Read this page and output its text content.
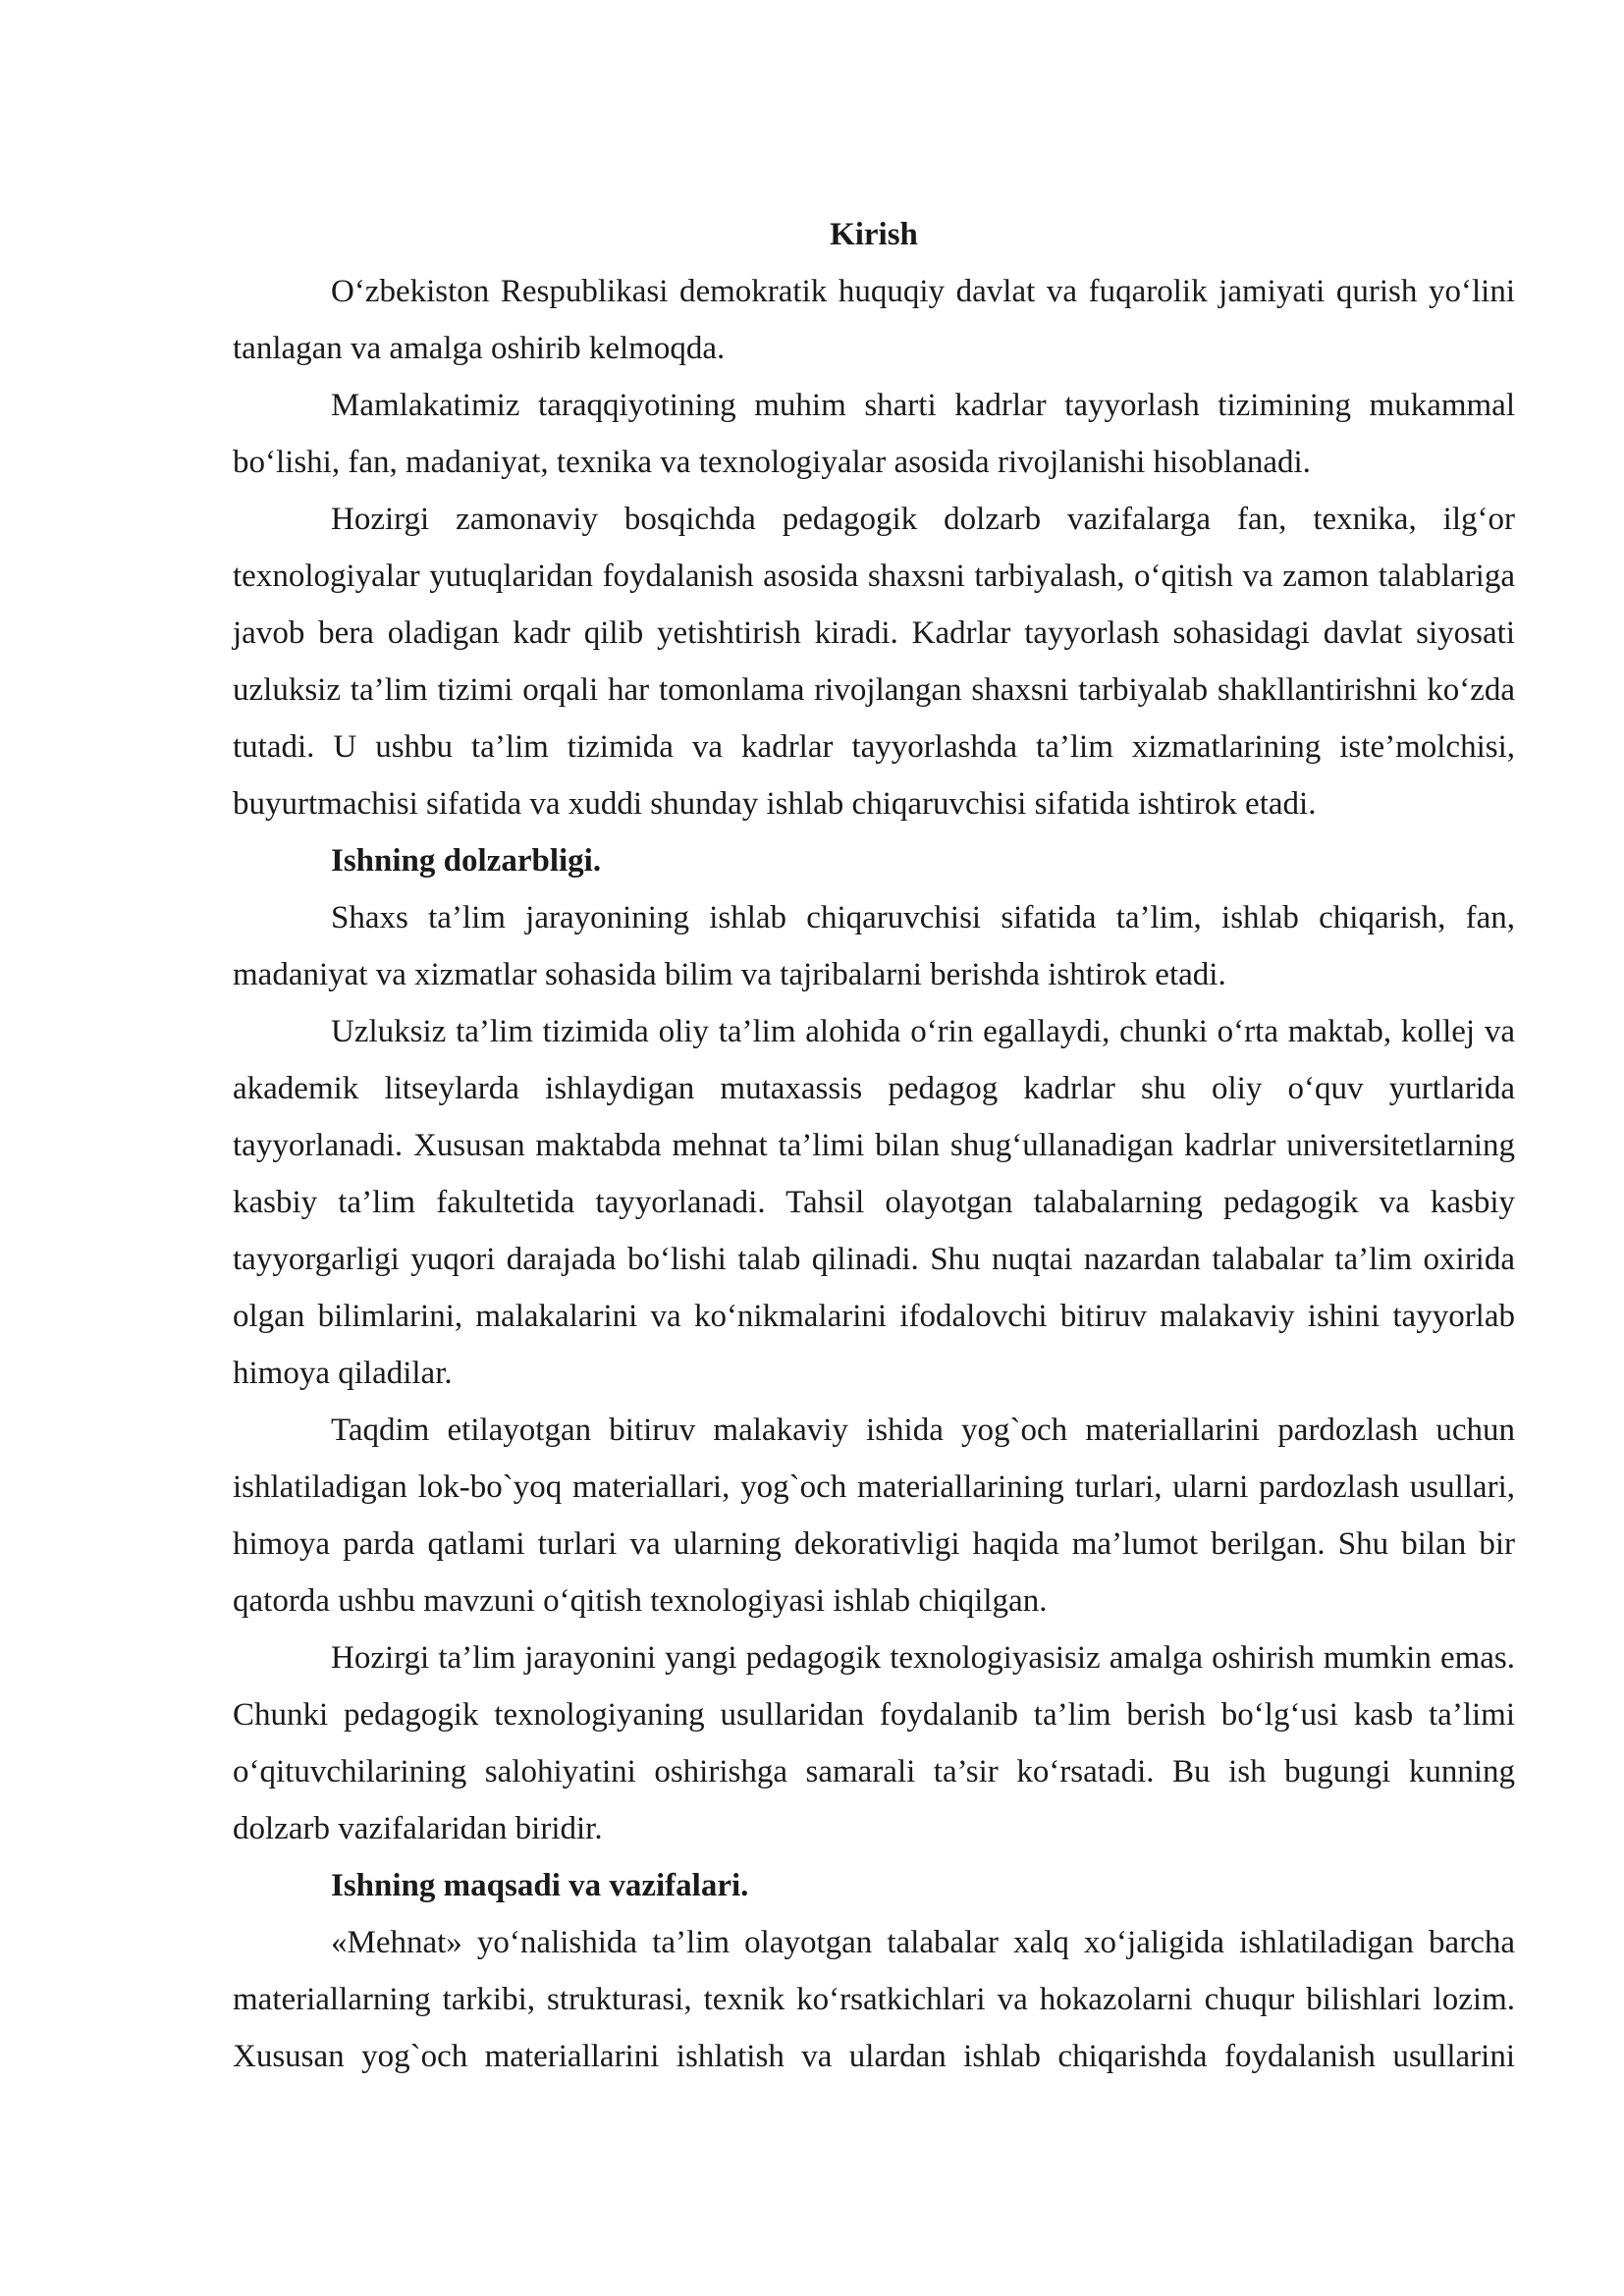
Kirish

O‘zbekiston Respublikasi demokratik huquqiy davlat va fuqarolik jamiyati qurish yo‘lini tanlagan va amalga oshirib kelmoqda.

Mamlakatimiz taraqqiyotining muhim sharti kadrlar tayyorlash tizimining mukammal bo‘lishi, fan, madaniyat, texnika va texnologiyalar asosida rivojlanishi hisoblanadi.

Hozirgi zamonaviy bosqichda pedagogik dolzarb vazifalarga fan, texnika, ilg‘or texnologiyalar yutuqlaridan foydalanish asosida shaxsni tarbiyalash, o‘qitish va zamon talablariga javob bera oladigan kadr qilib yetishtirish kiradi. Kadrlar tayyorlash sohasidagi davlat siyosati uzluksiz ta’lim tizimi orqali har tomonlama rivojlangan shaxsni tarbiyalab shakllantirishni ko‘zda tutadi. U ushbu ta’lim tizimida va kadrlar tayyorlashda ta’lim xizmatlarining iste’molchisi, buyurtmachisi sifatida va xuddi shunday ishlab chiqaruvchisi sifatida ishtirok etadi.

Ishning dolzarbligi.

Shaxs ta’lim jarayonining ishlab chiqaruvchisi sifatida ta’lim, ishlab chiqarish, fan, madaniyat va xizmatlar sohasida bilim va tajribalarni berishda ishtirok etadi.

Uzluksiz ta’lim tizimida oliy ta’lim alohida o‘rin egallaydi, chunki o‘rta maktab, kollej va akademik litseylarda ishlaydigan mutaxassis pedagog kadrlar shu oliy o‘quv yurtlarida tayyorlanadi. Xususan maktabda mehnat ta’limi bilan shug‘ullanadigan kadrlar universitetlarning kasbiy ta’lim fakultetida tayyorlanadi. Tahsil olayotgan talabalarning pedagogik va kasbiy tayyorgarligi yuqori darajada bo‘lishi talab qilinadi. Shu nuqtai nazardan talabalar ta’lim oxirida olgan bilimlarini, malakalarini va ko‘nikmalarini ifodalovchi bitiruv malakaviy ishini tayyorlab himoya qiladilar.

Taqdim etilayotgan bitiruv malakaviy ishida yog`och materiallarini pardozlash uchun ishlatiladigan lok-bo`yoq materiallari, yog`och materiallarining turlari, ularni pardozlash usullari, himoya parda qatlami turlari va ularning dekorativligi haqida ma’lumot berilgan. Shu bilan bir qatorda ushbu mavzuni o‘qitish texnologiyasi ishlab chiqilgan.

Hozirgi ta’lim jarayonini yangi pedagogik texnologiyasisiz amalga oshirish mumkin emas. Chunki pedagogik texnologiyaning usullaridan foydalanib ta’lim berish bo‘lg‘usi kasb ta’limi o‘qituvchilarining salohiyatini oshirishga samarali ta’sir ko‘rsatadi. Bu ish bugungi kunning dolzarb vazifalaridan biridir.

Ishning maqsadi va vazifalari.

«Mehnat» yo‘nalishida ta’lim olayotgan talabalar xalq xo‘jaligida ishlatiladigan barcha materiallarning tarkibi, strukturasi, texnik ko‘rsatkichlari va hokazolarni chuqur bilishlari lozim. Xususan yog`och materiallarini ishlatish va ulardan ishlab chiqarishda foydalanish usullarini
